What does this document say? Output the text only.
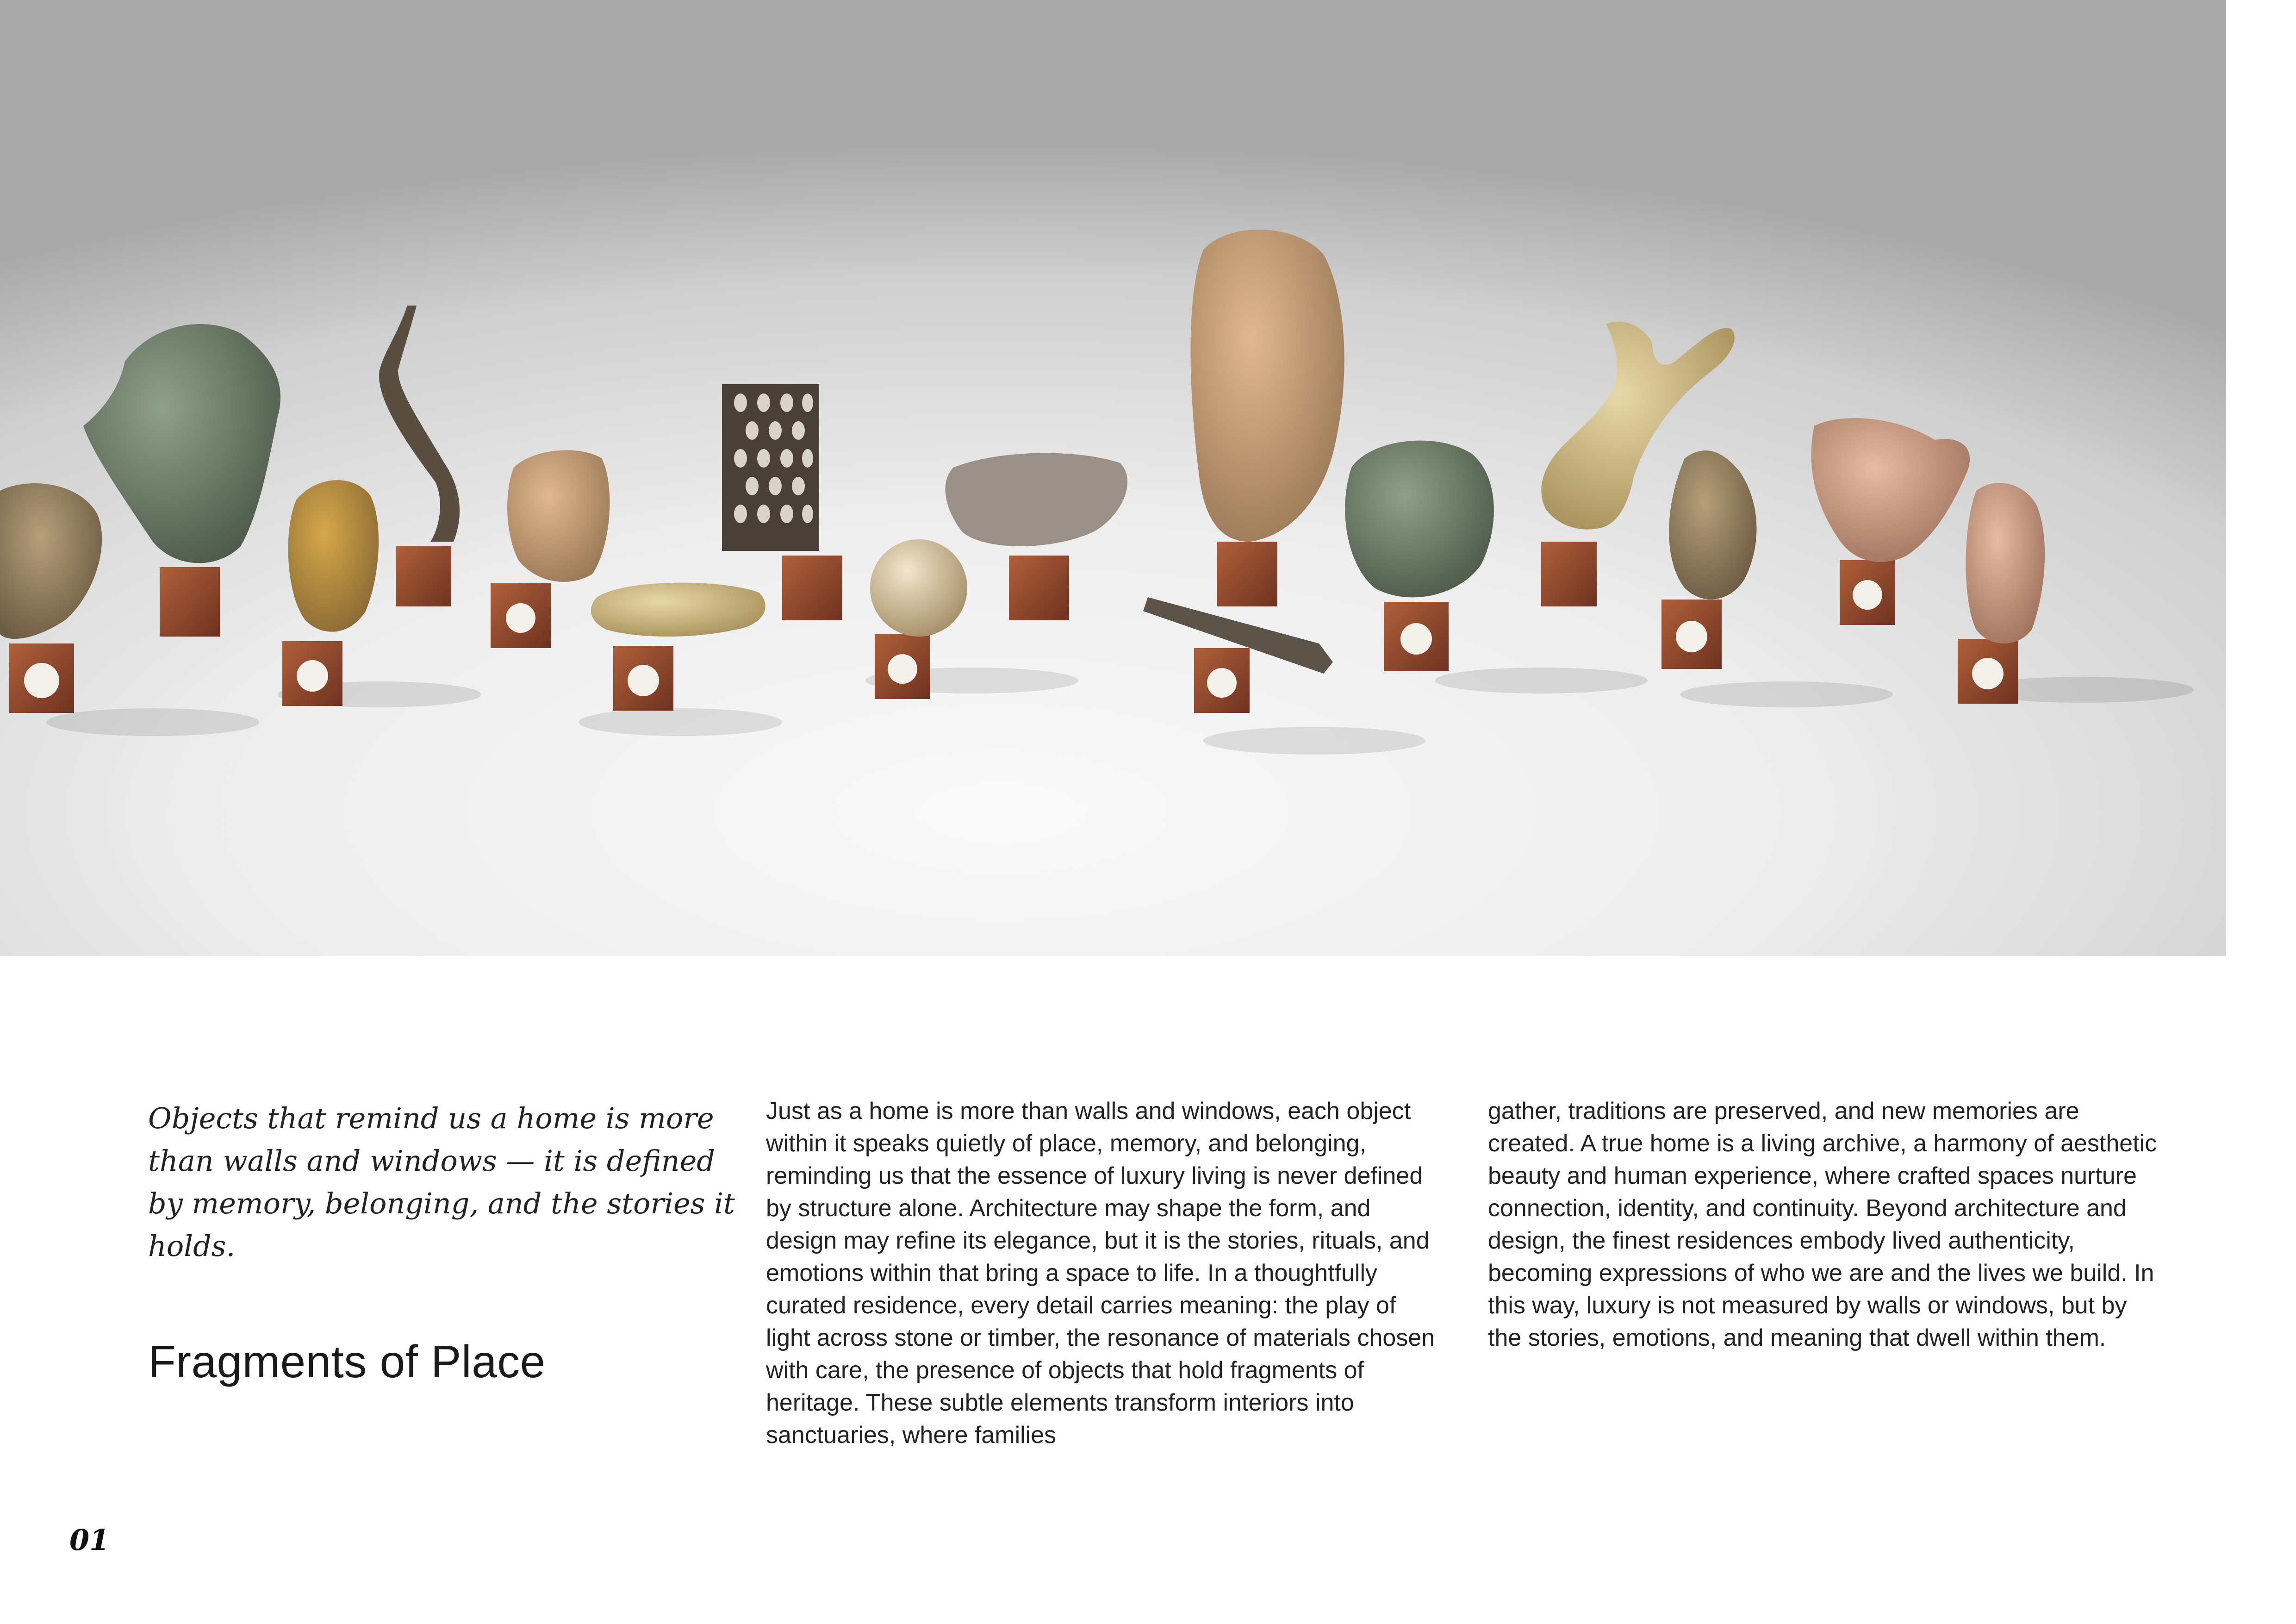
Objects that remind us a home is more than walls and windows — it is defined by memory, belonging, and the stories it holds.

Fragments of Place

Just as a home is more than walls and windows, each object within it speaks quietly of place, memory, and belonging, reminding us that the essence of luxury living is never defined by structure alone. Architecture may shape the form, and design may refine its elegance, but it is the stories, rituals, and emotions within that bring a space to life. In a thoughtfully curated residence, every detail carries meaning: the play of light across stone or timber, the resonance of materials chosen with care, the presence of objects that hold fragments of heritage. These subtle elements transform interiors into sanctuaries, where families

gather, traditions are preserved, and new memories are created. A true home is a living archive, a harmony of aesthetic beauty and human experience, where crafted spaces nurture connection, identity, and continuity. Beyond architecture and design, the finest residences embody lived authenticity, becoming expressions of who we are and the lives we build. In this way, luxury is not measured by walls or windows, but by the stories, emotions, and meaning that dwell within them.

01
